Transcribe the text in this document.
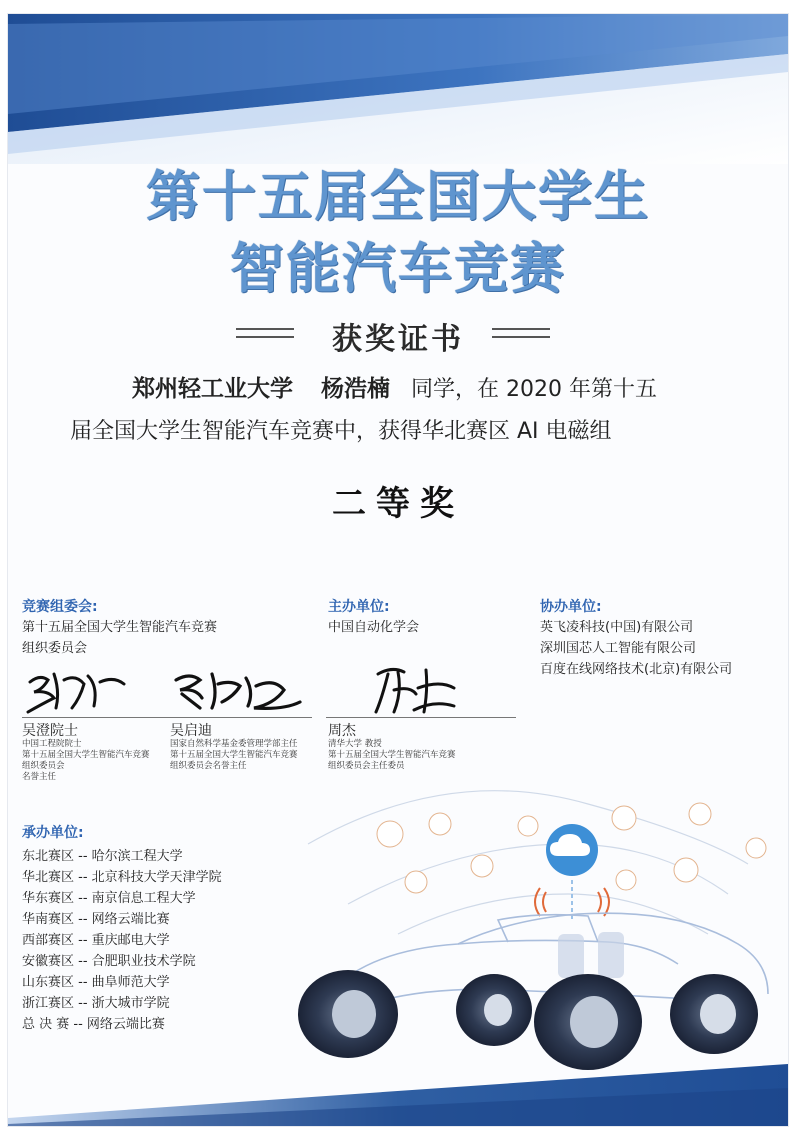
第十五届全国大学生
智能汽车竞赛
获奖证书
郑州轻工业大学 杨浩楠 同学，在 2020 年第十五
届全国大学生智能汽车竞赛中，获得华北赛区 AI 电磁组
二等奖
竞赛组委会:
第十五届全国大学生智能汽车竞赛
组织委员会
吴澄院士
中国工程院院士
第十五届全国大学生智能汽车竞赛
组织委员会
名誉主任
吴启迪
国家自然科学基金委管理学部主任
第十五届全国大学生智能汽车竞赛
组织委员会名誉主任
主办单位:
中国自动化学会
周杰
清华大学 教授
第十五届全国大学生智能汽车竞赛
组织委员会主任委员
协办单位:
英飞凌科技(中国)有限公司
深圳国芯人工智能有限公司
百度在线网络技术(北京)有限公司
承办单位:
东北赛区 -- 哈尔滨工程大学
华北赛区 -- 北京科技大学天津学院
华东赛区 -- 南京信息工程大学
华南赛区 -- 网络云端比赛
西部赛区 -- 重庆邮电大学
安徽赛区 -- 合肥职业技术学院
山东赛区 -- 曲阜师范大学
浙江赛区 -- 浙大城市学院
总 决 赛 -- 网络云端比赛
